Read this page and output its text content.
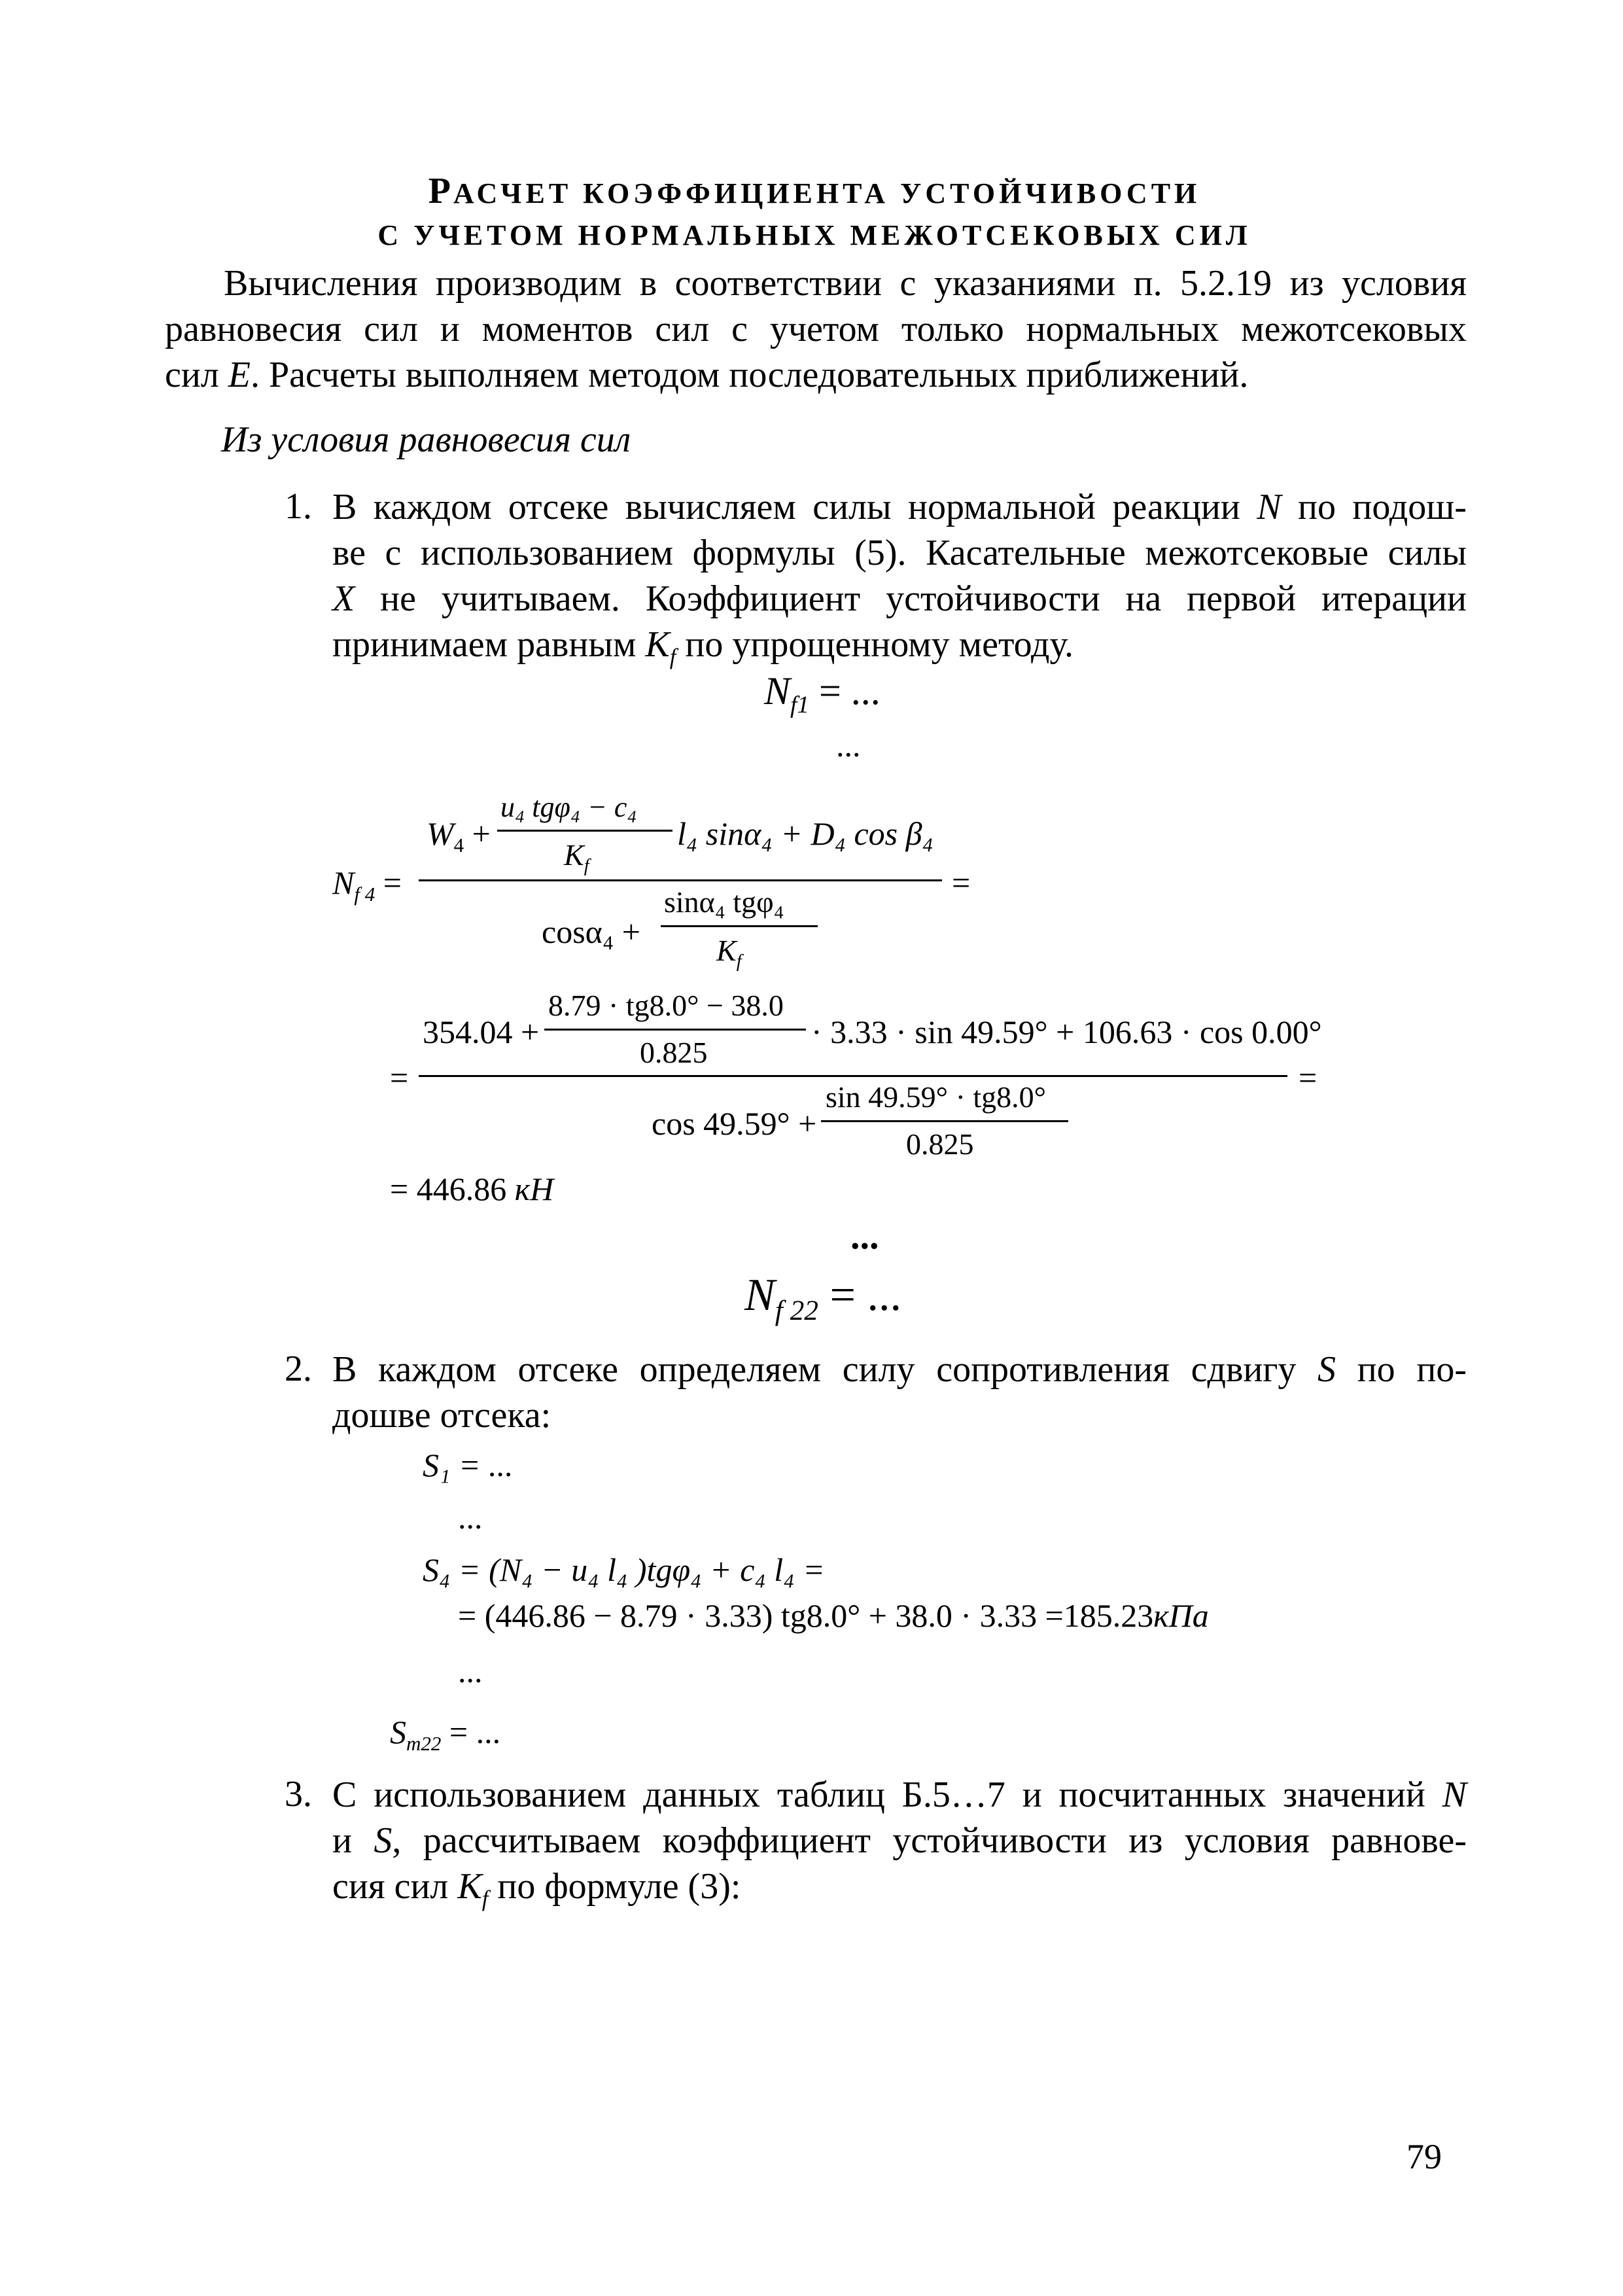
РАСЧЕТ КОЭФФИЦИЕНТА УСТОЙЧИВОСТИ
С УЧЕТОМ НОРМАЛЬНЫХ МЕЖОТСЕКОВЫХ СИЛ
Вычисления производим в соответствии с указаниями п. 5.2.19 из условия
равновесия сил и моментов сил с учетом только нормальных межотсековых
сил E. Расчеты выполняем методом последовательных приближений.
Из условия равновесия сил
1. В каждом отсеке вычисляем силы нормальной реакции N по подош-
ве с использованием формулы (5). Касательные межотсековые силы
X не учитываем. Коэффициент устойчивости на первой итерации
принимаем равным $K_f$ по упрощенному методу.
$N_{f1}$ = ...
...
$N_{f 4}$ =
$W_4$ +
u₄ tgφ₄ − c₄
$K_f$
l₄ sinα₄ + D₄ cos β₄
=
cosα₄ +
sinα₄ tgφ₄
$K_f$
=
354.04 +
8.79 · tg8.0° − 38.0
0.825
· 3.33 · sin 49.59° + 106.63 · cos 0.00°
=
cos 49.59° +
sin 49.59° · tg8.0°
0.825
= 446.86 кН
...
$N_{f 22}$ = ...
2. В каждом отсеке определяем силу сопротивления сдвигу S по по-
дошве отсека:
S₁ = ...
...
S₄ = (N₄ − u₄ l₄ )tgφ₄ + c₄ l₄ =
= (446.86 − 8.79 · 3.33) tg8.0° + 38.0 · 3.33 =185.23кПа
...
$S_{m22}$ = ...
3. С использованием данных таблиц Б.5…7 и посчитанных значений N
и S, рассчитываем коэффициент устойчивости из условия равнове-
сия сил $K_f$ по формуле (3):
79
